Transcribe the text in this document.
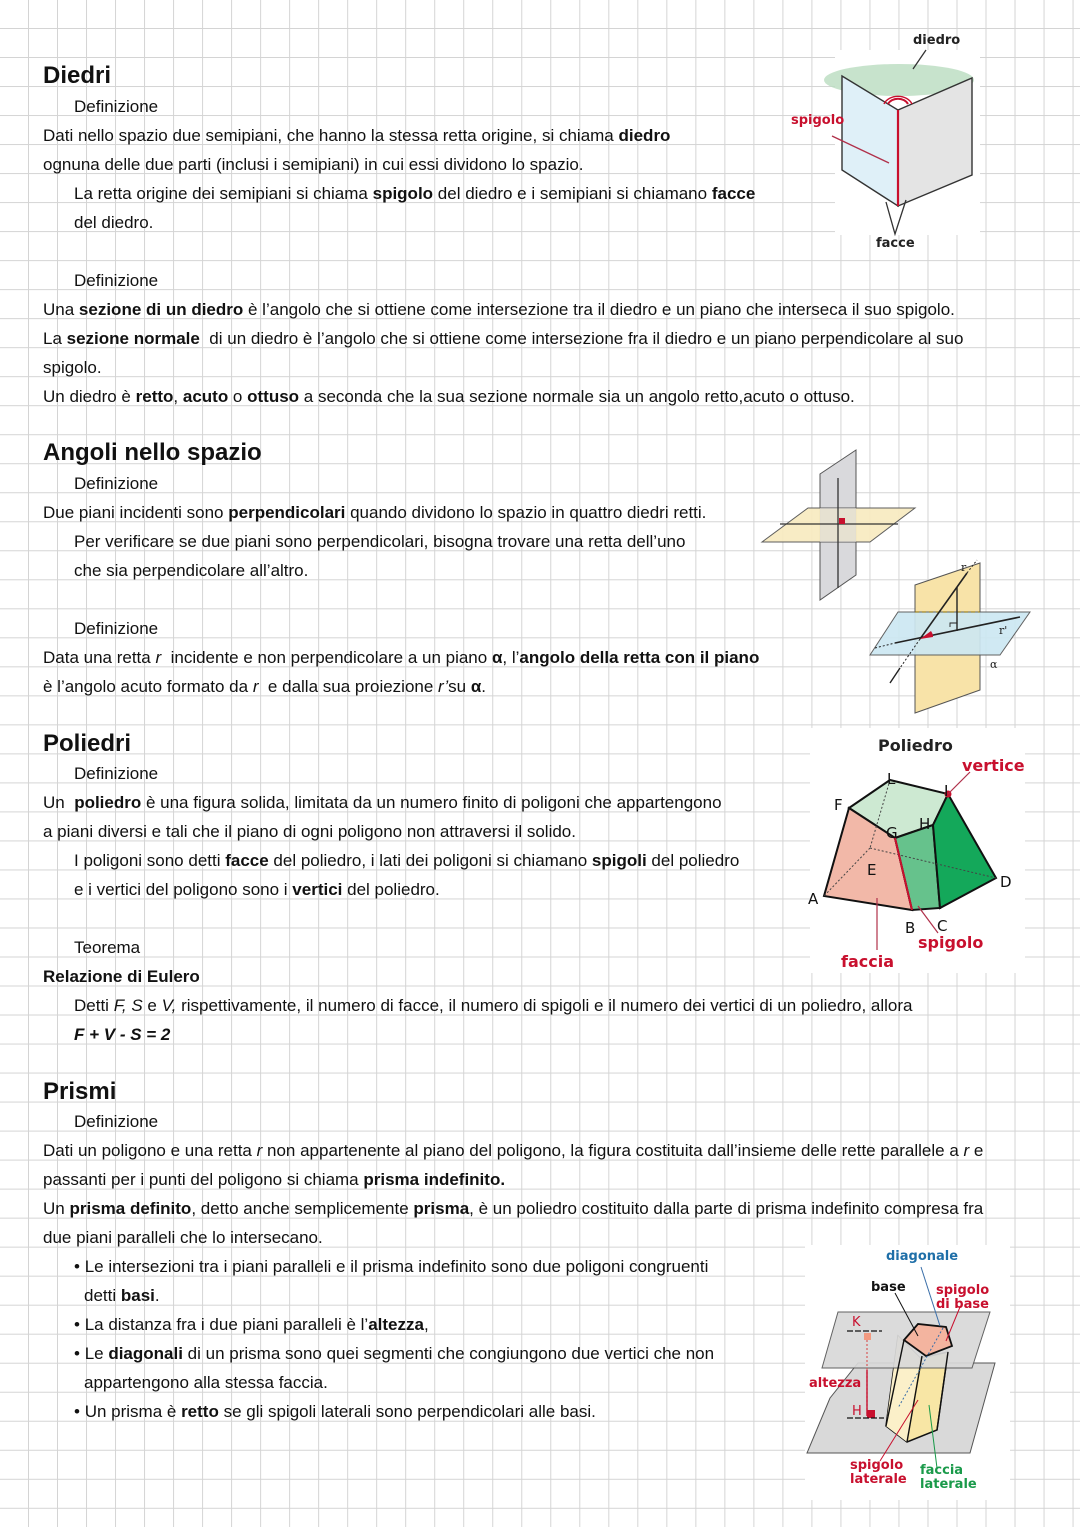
Diedri
Definizione
Dati nello spazio due semipiani, che hanno la stessa retta origine, si chiama diedro
ognuna delle due parti (inclusi i semipiani) in cui essi dividono lo spazio.
La retta origine dei semipiani si chiama spigolo del diedro e i semipiani si chiamano facce
del diedro.
Definizione
Una sezione di un diedro è l’angolo che si ottiene come intersezione tra il diedro e un piano che interseca il suo spigolo.
La sezione normale  di un diedro è l’angolo che si ottiene come intersezione fra il diedro e un piano perpendicolare al suo
spigolo.
Un diedro è retto, acuto o ottuso a seconda che la sua sezione normale sia un angolo retto,acuto o ottuso.
diedro
spigolo
facce
Angoli nello spazio
Definizione
Due piani incidenti sono perpendicolari quando dividono lo spazio in quattro diedri retti.
Per verificare se due piani sono perpendicolari, bisogna trovare una retta dell’uno
che sia perpendicolare all’altro.
Definizione
Data una retta r  incidente e non perpendicolare a un piano α, l’angolo della retta con il piano
è l’angolo acuto formato da r  e dalla sua proiezione r’su α.
r
r'
α
Poliedri
Definizione
Un  poliedro è una figura solida, limitata da un numero finito di poligoni che appartengono
a piani diversi e tali che il piano di ogni poligono non attraversi il solido.
I poligoni sono detti facce del poliedro, i lati dei poligoni si chiamano spigoli del poliedro
e i vertici del poligono sono i vertici del poliedro.
Teorema
Relazione di Eulero
Detti F, S e V, rispettivamente, il numero di facce, il numero di spigoli e il numero dei vertici di un poliedro, allora
F + V - S = 2
Poliedro
vertice
spigolo
faccia
A
B C
D
E
F
G H
I
L
Prismi
Definizione
Dati un poligono e una retta r non appartenente al piano del poligono, la figura costituita dall’insieme delle rette parallele a r e
passanti per i punti del poligono si chiama prisma indefinito.
Un prisma definito, detto anche semplicemente prisma, è un poliedro costituito dalla parte di prisma indefinito compresa fra
due piani paralleli che lo intersecano.
• Le intersezioni tra i piani paralleli e il prisma indefinito sono due poligoni congruenti
detti basi.
• La distanza fra i due piani paralleli è l’altezza,
• Le diagonali di un prisma sono quei segmenti che congiungono due vertici che non
appartengono alla stessa faccia.
• Un prisma è retto se gli spigoli laterali sono perpendicolari alle basi.
diagonale
base spigolo di base
K
altezza
H
spigolo laterale
faccia laterale
